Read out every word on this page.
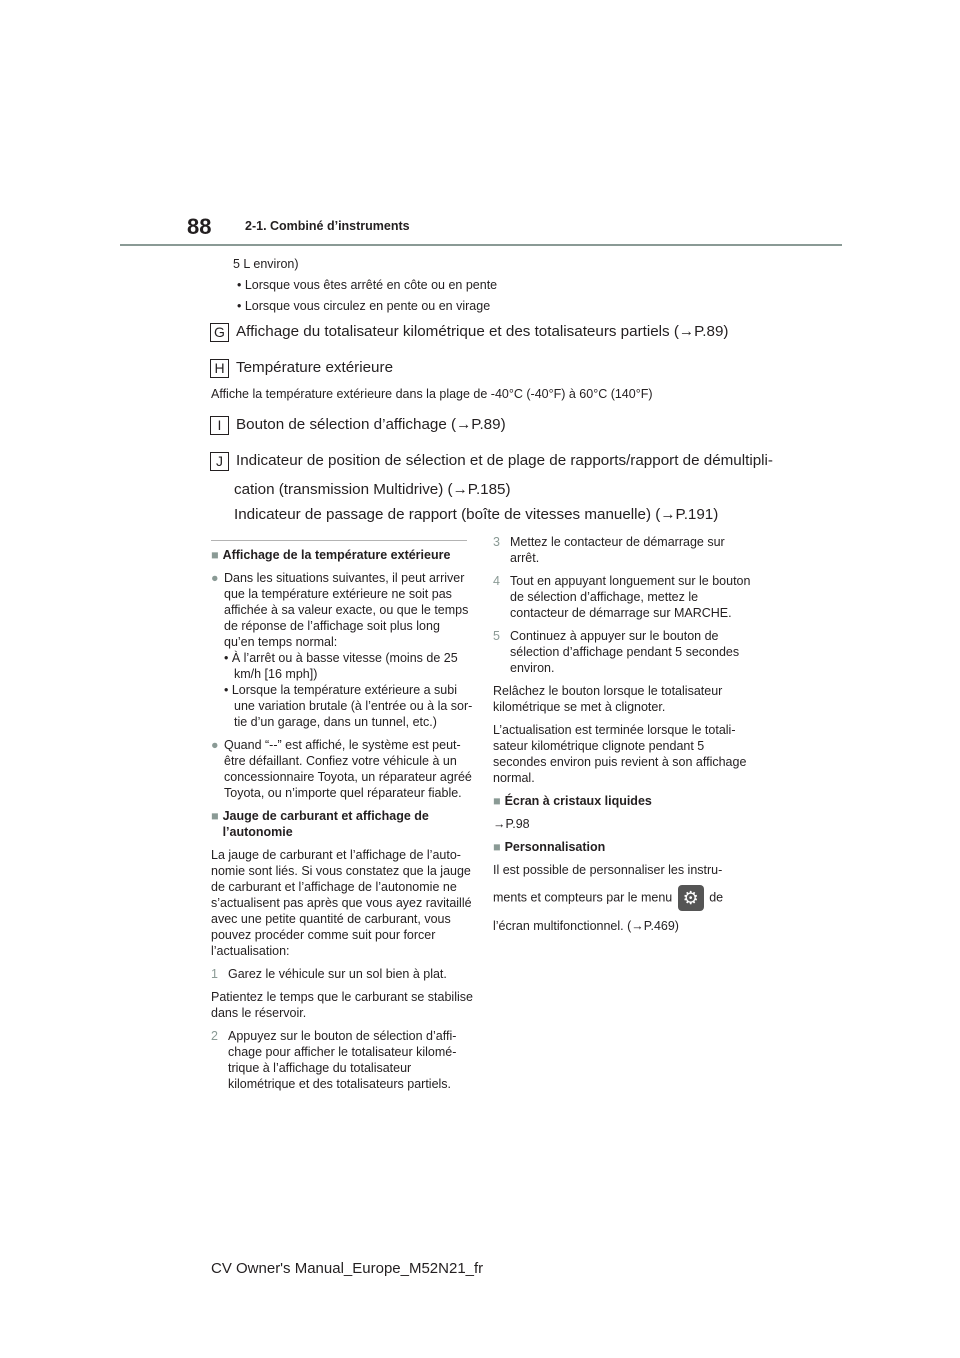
88	2-1. Combiné d’instruments
5 L environ)
• Lorsque vous êtes arrêté en côte ou en pente
• Lorsque vous circulez en pente ou en virage
G Affichage du totalisateur kilométrique et des totalisateurs partiels (→P.89)
H Température extérieure
Affiche la température extérieure dans la plage de -40°C (-40°F) à 60°C (140°F)
I Bouton de sélection d’affichage (→P.89)
J Indicateur de position de sélection et de plage de rapports/rapport de démultipli-
cation (transmission Multidrive) (→P.185)
Indicateur de passage de rapport (boîte de vitesses manuelle) (→P.191)

■ Affichage de la température extérieure

● Dans les situations suivantes, il peut arriver que la température extérieure ne soit pas affichée à sa valeur exacte, ou que le temps de réponse de l’affichage soit plus long qu’en temps normal:
• À l’arrêt ou à basse vitesse (moins de 25 km/h [16 mph])
• Lorsque la température extérieure a subi une variation brutale (à l’entrée ou à la sortie d’un garage, dans un tunnel, etc.)

● Quand “--” est affiché, le système est peut-être défaillant. Confiez votre véhicule à un concessionnaire Toyota, un réparateur agréé Toyota, ou n’importe quel réparateur fiable.

■ Jauge de carburant et affichage de l’autonomie

La jauge de carburant et l’affichage de l’autonomie sont liés. Si vous constatez que la jauge de carburant et l’affichage de l’autonomie ne s’actualisent pas après que vous ayez ravitaillé avec une petite quantité de carburant, vous pouvez procéder comme suit pour forcer l’actualisation:

1 Garez le véhicule sur un sol bien à plat.

Patientez le temps que le carburant se stabilise dans le réservoir.

2 Appuyez sur le bouton de sélection d’affichage pour afficher le totalisateur kilométrique à l’affichage du totalisateur kilométrique et des totalisateurs partiels.

3 Mettez le contacteur de démarrage sur arrêt.

4 Tout en appuyant longuement sur le bouton de sélection d’affichage, mettez le contacteur de démarrage sur MARCHE.

5 Continuez à appuyer sur le bouton de sélection d’affichage pendant 5 secondes environ.

Relâchez le bouton lorsque le totalisateur kilométrique se met à clignoter.

L’actualisation est terminée lorsque le totalisateur kilométrique clignote pendant 5 secondes environ puis revient à son affichage normal.

■ Écran à cristaux liquides

→P.98

■ Personnalisation

Il est possible de personnaliser les instru-

ments et compteurs par le menu ⚙ de

l’écran multifonctionnel. (→P.469)

CV Owner's Manual_Europe_M52N21_fr
